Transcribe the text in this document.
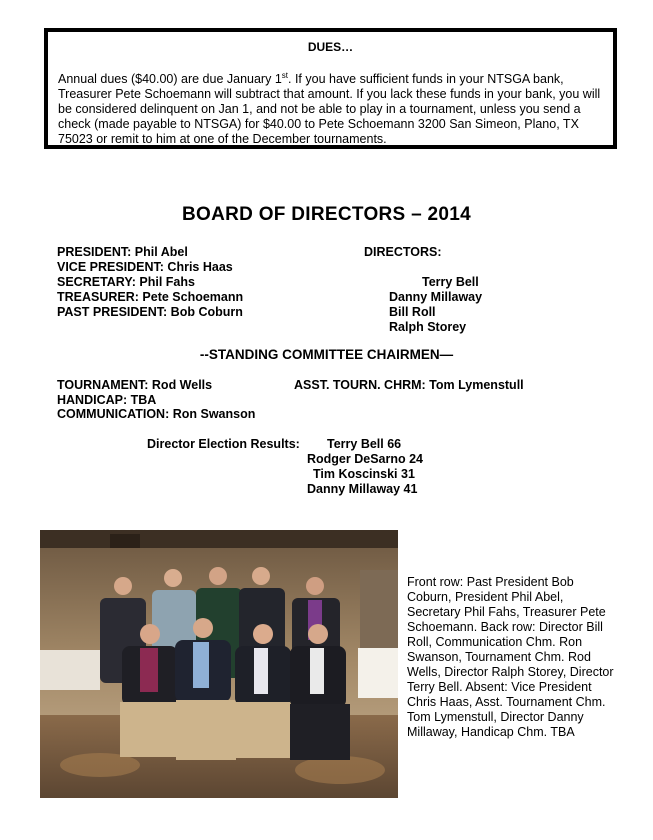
DUES…
Annual dues ($40.00) are due January 1st. If you have sufficient funds in your NTSGA bank, Treasurer Pete Schoemann will subtract that amount. If you lack these funds in your bank, you will be considered delinquent on Jan 1, and not be able to play in a tournament, unless you send a check (made payable to NTSGA) for $40.00 to Pete Schoemann 3200 San Simeon, Plano, TX 75023 or remit to him at one of the December tournaments.
BOARD OF DIRECTORS – 2014
PRESIDENT: Phil Abel
VICE PRESIDENT: Chris Haas
SECRETARY: Phil Fahs
TREASURER: Pete Schoemann
PAST PRESIDENT: Bob Coburn
DIRECTORS:
Terry Bell
Danny Millaway
Bill Roll
Ralph Storey
--STANDING COMMITTEE CHAIRMEN—
TOURNAMENT: Rod Wells	ASST. TOURN. CHRM: Tom Lymenstull
HANDICAP: TBA
COMMUNICATION: Ron Swanson
Director Election Results: Terry Bell 66
Rodger DeSarno 24
Tim Koscinski 31
Danny Millaway 41
Front row: Past President Bob Coburn, President Phil Abel, Secretary Phil Fahs, Treasurer Pete Schoemann. Back row: Director Bill Roll, Communication Chm. Ron Swanson, Tournament Chm. Rod Wells, Director Ralph Storey, Director Terry Bell. Absent: Vice President Chris Haas, Asst. Tournament Chm. Tom Lymenstull, Director Danny Millaway, Handicap Chm. TBA
